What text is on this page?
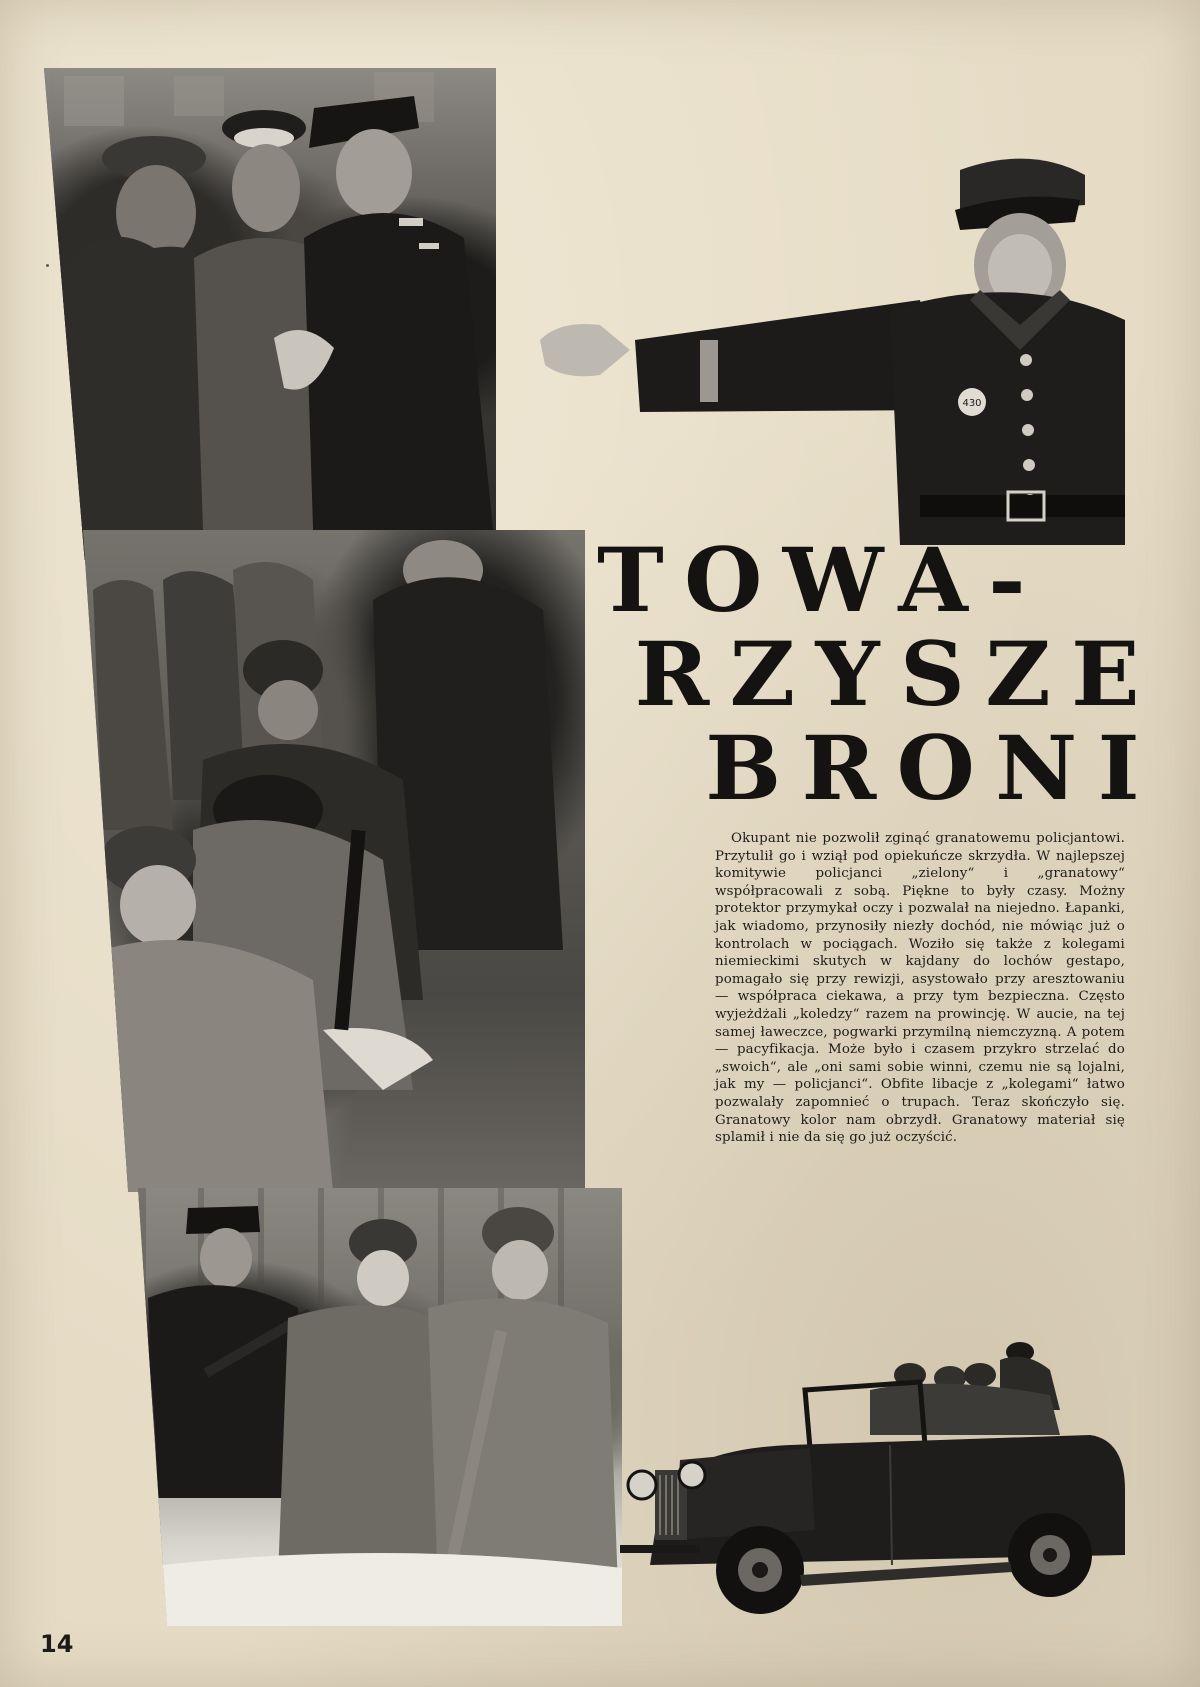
430
TOWA-
RZYSZE
BRONI

Okupant nie pozwolił zginąć granatowemu policjantowi. Przytulił go i wziął pod opiekuńcze skrzydła. W najlepszej komitywie policjanci „zielony“ i „granatowy“ współpracowali z sobą. Piękne to były czasy. Możny protektor przymykał oczy i pozwalał na niejedno. Łapanki, jak wiadomo, przynosiły niezły dochód, nie mówiąc już o kontrolach w pociągach. Woziło się także z kolegami niemieckimi skutych w kajdany do lochów gestapo, pomagało się przy rewizji, asystowało przy aresztowaniu — współpraca ciekawa, a przy tym bezpieczna. Często wyjeżdżali „koledzy“ razem na prowincję. W aucie, na tej samej ławeczce, pogwarki przymilną niemczyzną. A potem — pacyfikacja. Może było i czasem przykro strzelać do „swoich“, ale „oni sami sobie winni, czemu nie są lojalni, jak my — policjanci“. Obfite libacje z „kolegami“ łatwo pozwalały zapomnieć o trupach. Teraz skończyło się. Granatowy kolor nam obrzydł. Granatowy materiał się splamił i nie da się go już oczyścić.

14
